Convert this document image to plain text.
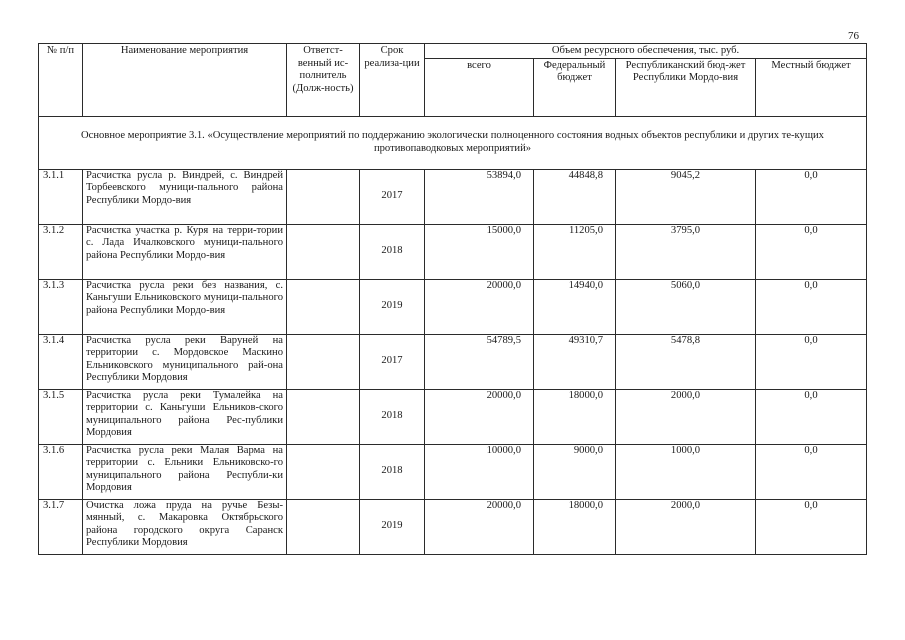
76
№ п/п	Наименование мероприятия	Ответст-венный ис-полнитель (Долж-ность)	Срок реализа-ции	Объем ресурсного обеспечения, тыс. руб.			
				всего	Федеральный бюджет	Республиканский бюд-жет Республики Мордо-вия	Местный бюджет
Основное мероприятие 3.1. «Осуществление мероприятий по поддержанию экологически полноценного состояния водных объектов республики и других те-кущих противопаводковых мероприятий»							
3.1.1	Расчистка русла р. Виндрей, с. Виндрей Торбеевского муници-пального района Республики Мордо-вия		2017	53894,0	44848,8	9045,2	0,0
3.1.2	Расчистка участка р. Куря на терри-тории с. Лада Ичалковского муници-пального района Республики Мордо-вия		2018	15000,0	11205,0	3795,0	0,0
3.1.3	Расчистка русла реки без названия, с. Каньгуши Ельниковского муници-пального района Республики Мордо-вия		2019	20000,0	14940,0	5060,0	0,0
3.1.4	Расчистка русла реки Варуней на территории с. Мордовское Маскино Ельниковского муниципального рай-она Республики Мордовия		2017	54789,5	49310,7	5478,8	0,0
3.1.5	Расчистка русла реки Тумалейка на территории с. Каньгуши Ельников-ского муниципального района Рес-публики Мордовия		2018	20000,0	18000,0	2000,0	0,0
3.1.6	Расчистка русла реки Малая Варма на территории с. Ельники Ельниковско-го муниципального района Республи-ки Мордовия		2018	10000,0	9000,0	1000,0	0,0
3.1.7	Очистка ложа пруда на ручье Безы-мянный, с. Макаровка Октябрьского района городского округа Саранск Республики Мордовия		2019	20000,0	18000,0	2000,0	0,0
